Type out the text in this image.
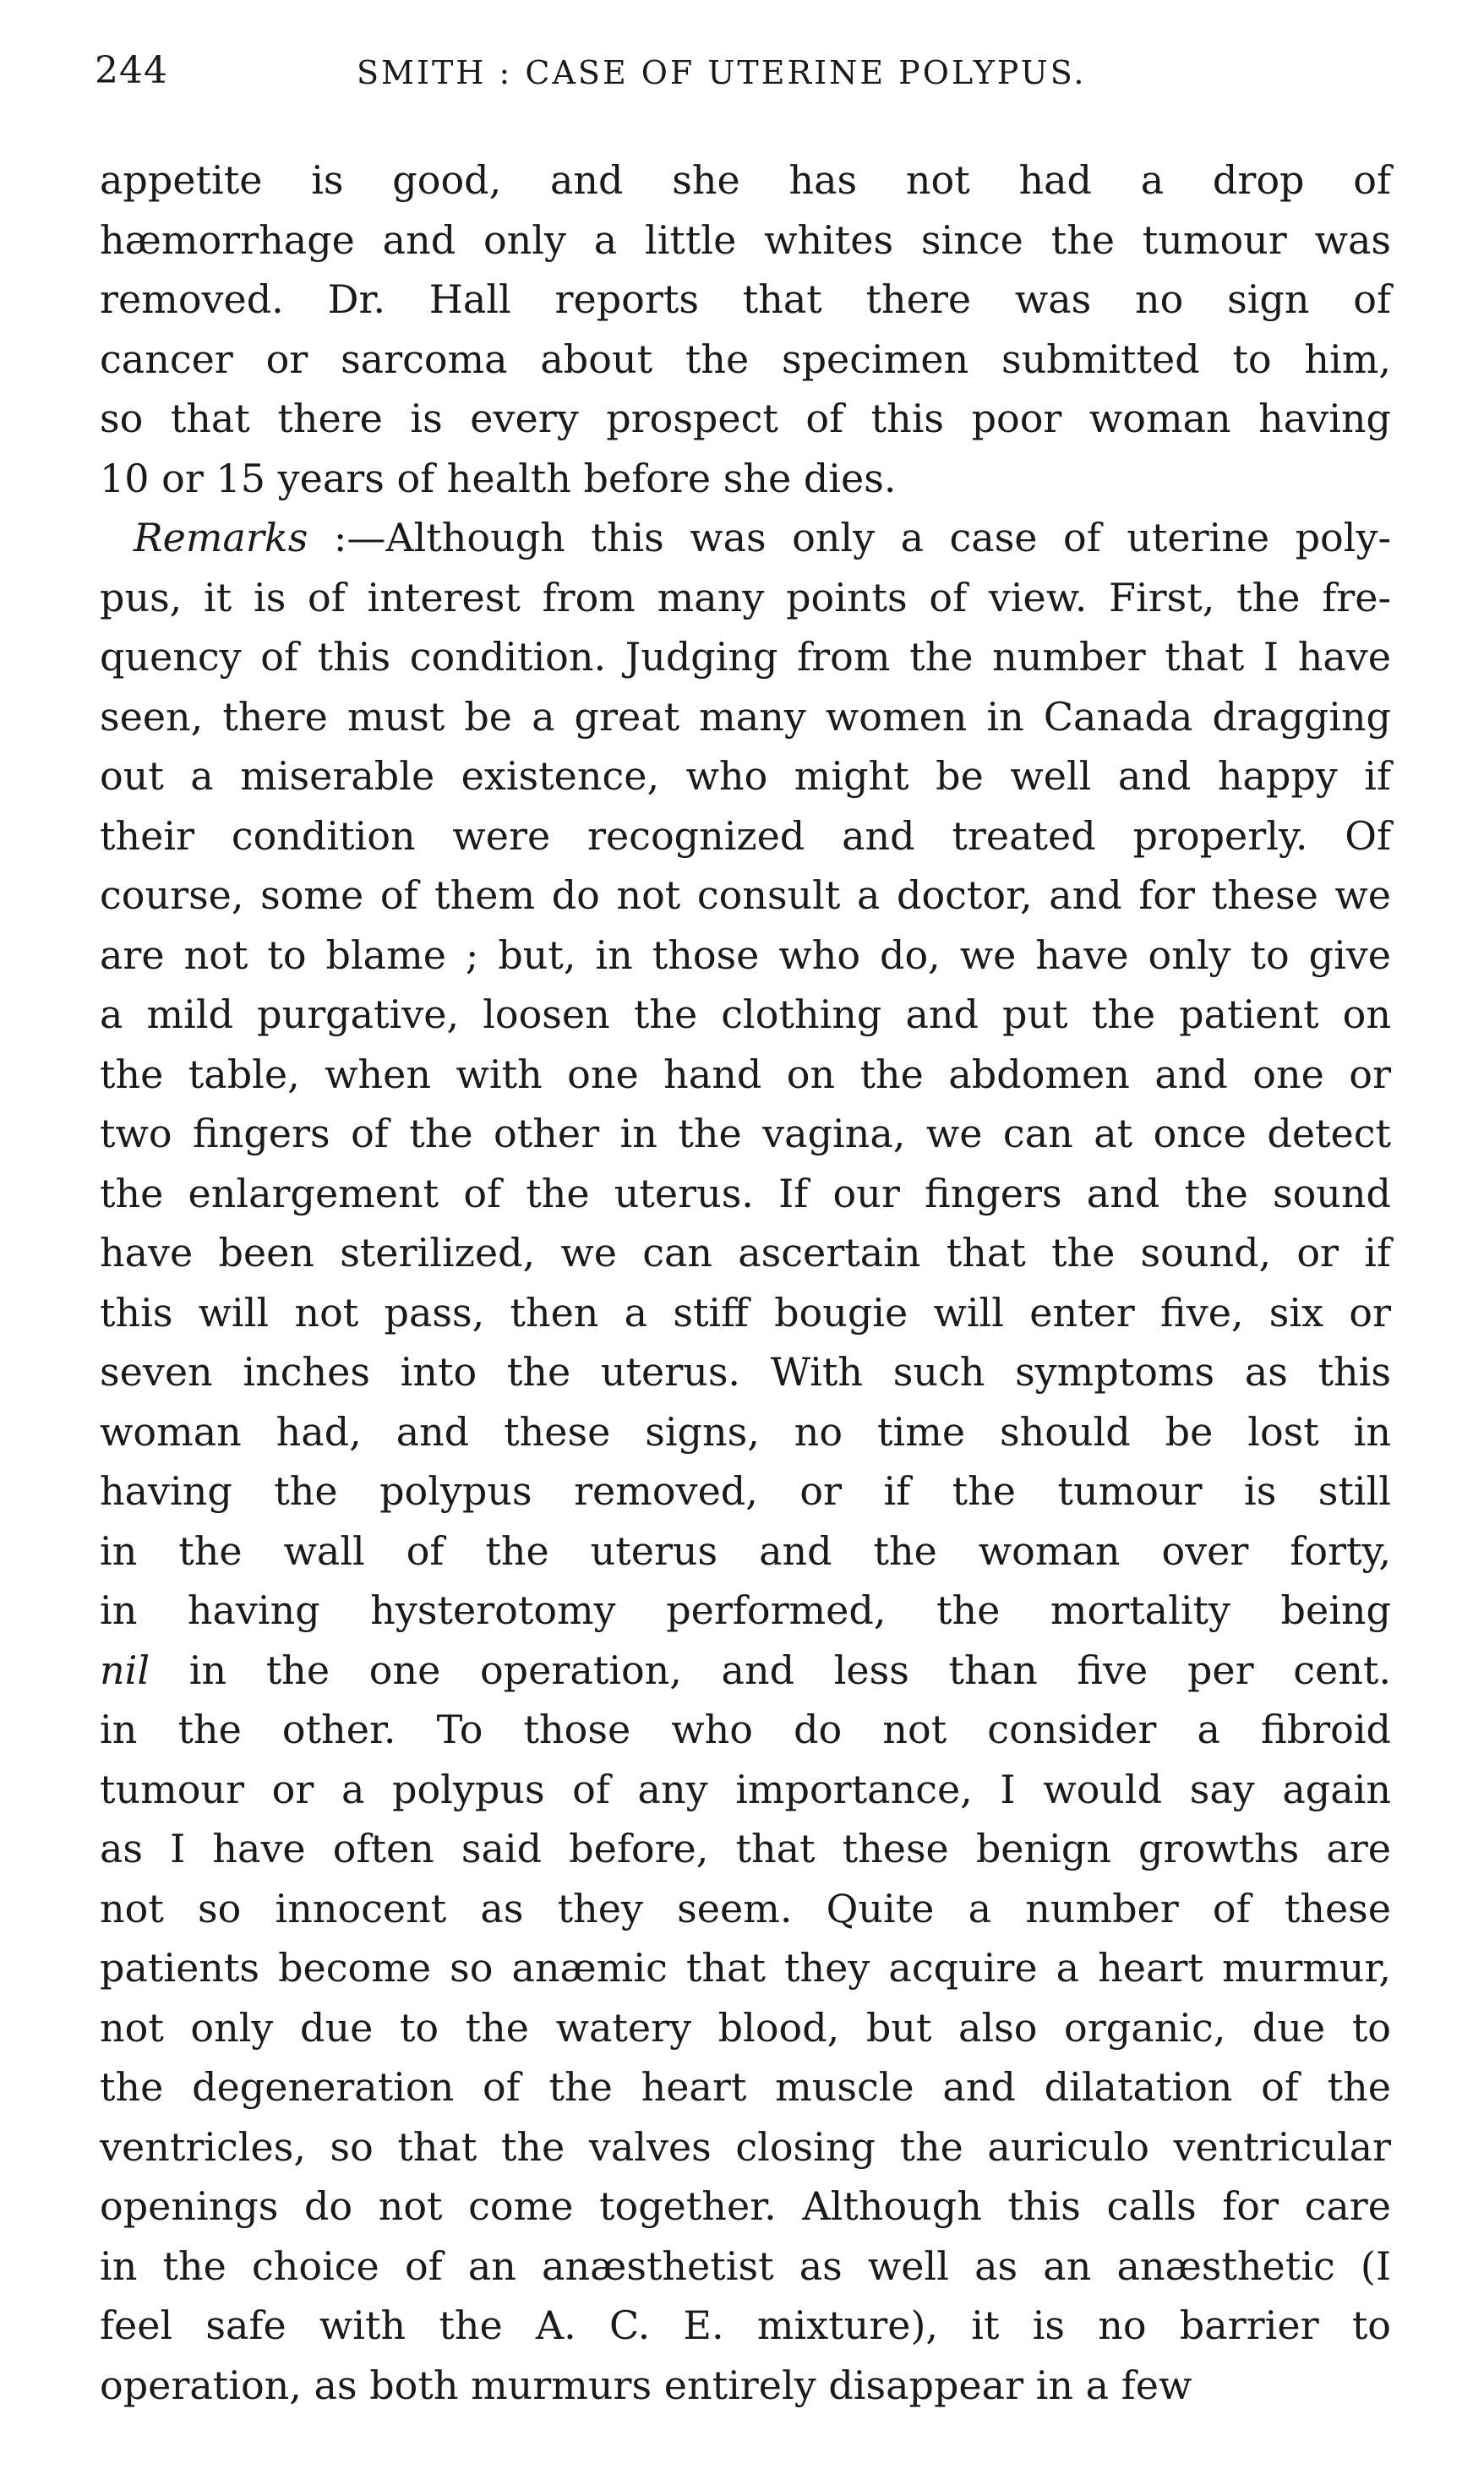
244	SMITH : CASE OF UTERINE POLYPUS.
appetite is good, and she has not had a drop of
hæmorrhage and only a little whites since the tumour was
removed. Dr. Hall reports that there was no sign of
cancer or sarcoma about the specimen submitted to him,
so that there is every prospect of this poor woman having
10 or 15 years of health before she dies.
Remarks :—Although this was only a case of uterine poly-
pus, it is of interest from many points of view. First, the fre-
quency of this condition. Judging from the number that I have
seen, there must be a great many women in Canada dragging
out a miserable existence, who might be well and happy if
their condition were recognized and treated properly. Of
course, some of them do not consult a doctor, and for these we
are not to blame ; but, in those who do, we have only to give
a mild purgative, loosen the clothing and put the patient on
the table, when with one hand on the abdomen and one or
two fingers of the other in the vagina, we can at once detect
the enlargement of the uterus. If our fingers and the sound
have been sterilized, we can ascertain that the sound, or if
this will not pass, then a stiff bougie will enter five, six or
seven inches into the uterus. With such symptoms as this
woman had, and these signs, no time should be lost in
having the polypus removed, or if the tumour is still
in the wall of the uterus and the woman over forty,
in having hysterotomy performed, the mortality being
nil in the one operation, and less than five per cent.
in the other. To those who do not consider a fibroid
tumour or a polypus of any importance, I would say again
as I have often said before, that these benign growths are
not so innocent as they seem. Quite a number of these
patients become so anæmic that they acquire a heart murmur,
not only due to the watery blood, but also organic, due to
the degeneration of the heart muscle and dilatation of the
ventricles, so that the valves closing the auriculo ventricular
openings do not come together. Although this calls for care
in the choice of an anæsthetist as well as an anæsthetic (I
feel safe with the A. C. E. mixture), it is no barrier to
operation, as both murmurs entirely disappear in a few
